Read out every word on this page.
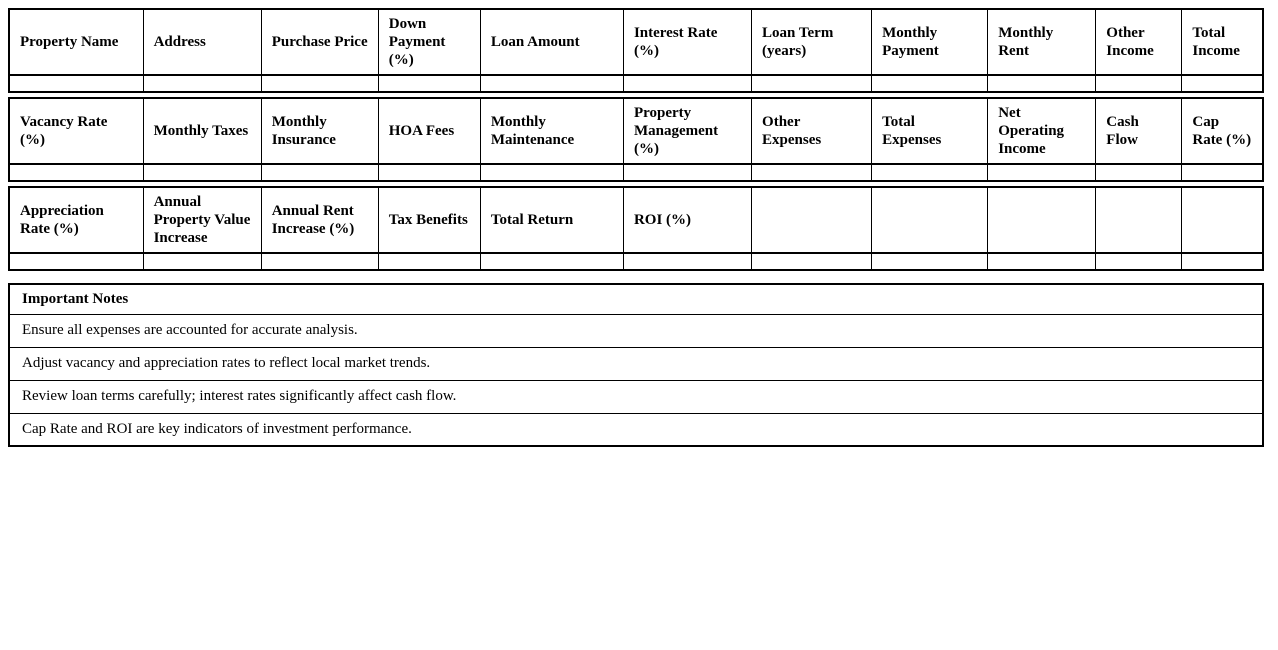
Property Name	Address	Purchase Price	Down Payment (%)	Loan Amount	Interest Rate (%)	Loan Term (years)	Monthly Payment	Monthly Rent	Other Income	Total Income

Vacancy Rate (%)	Monthly Taxes	Monthly Insurance	HOA Fees	Monthly Maintenance	Property Management (%)	Other Expenses	Total Expenses	Net Operating Income	Cash Flow	Cap Rate (%)

Appreciation Rate (%)	Annual Property Value Increase	Annual Rent Increase (%)	Tax Benefits	Total Return	ROI (%)					

Important Notes
Ensure all expenses are accounted for accurate analysis.
Adjust vacancy and appreciation rates to reflect local market trends.
Review loan terms carefully; interest rates significantly affect cash flow.
Cap Rate and ROI are key indicators of investment performance.
